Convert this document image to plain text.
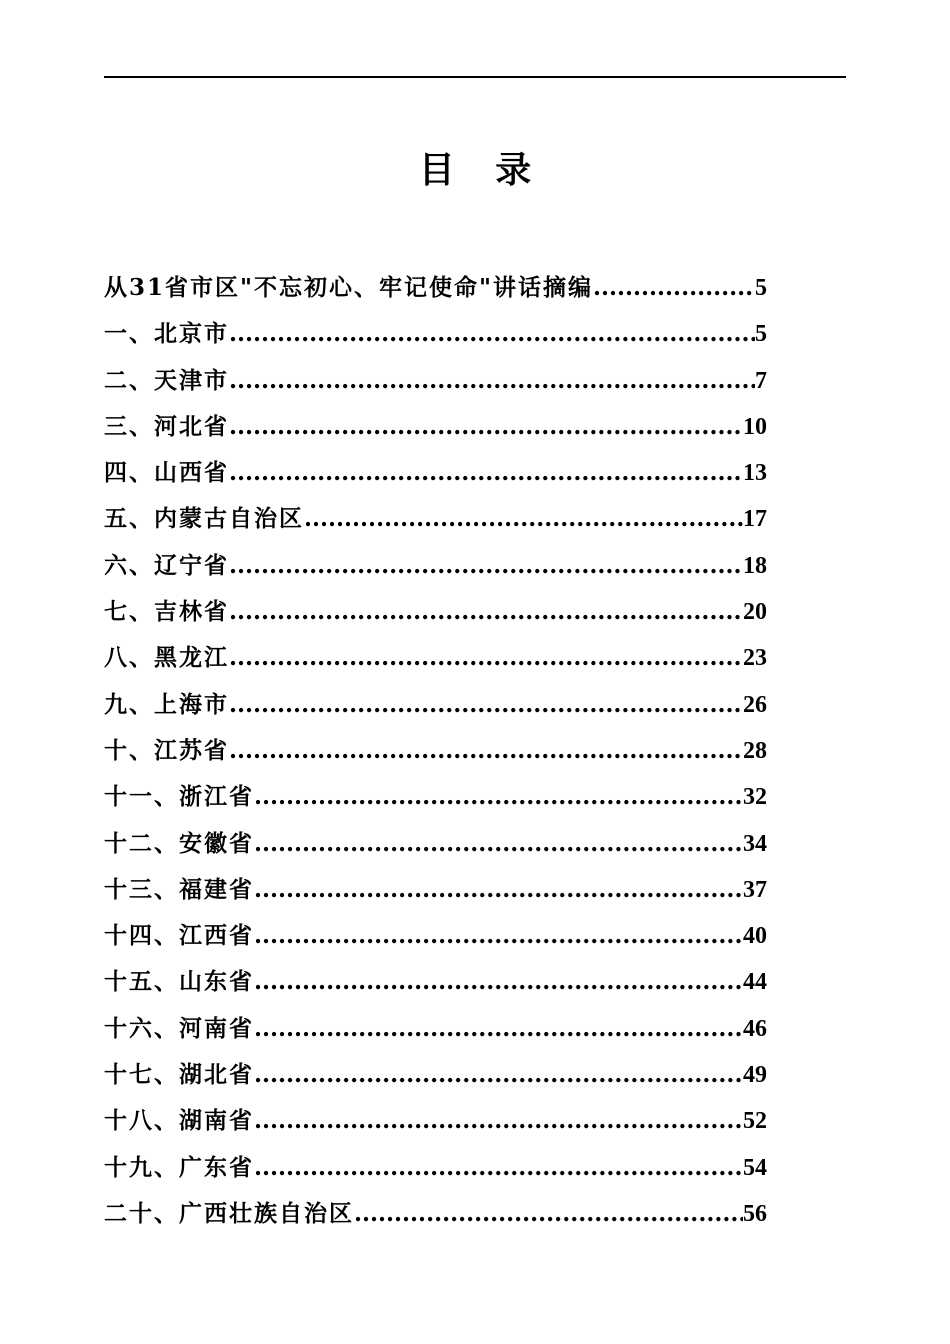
目 录
从31省市区"不忘初心、牢记使命"讲话摘编 .....	5
一、北京市 .....	5
二、天津市 .....	7
三、河北省 .....	10
四、山西省 .....	13
五、内蒙古自治区 .....	17
六、辽宁省 .....	18
七、吉林省 .....	20
八、黑龙江 .....	23
九、上海市 .....	26
十、江苏省 .....	28
十一、浙江省 .....	32
十二、安徽省 .....	34
十三、福建省 .....	37
十四、江西省 .....	40
十五、山东省 .....	44
十六、河南省 .....	46
十七、湖北省 .....	49
十八、湖南省 .....	52
十九、广东省 .....	54
二十、广西壮族自治区 .....	56
